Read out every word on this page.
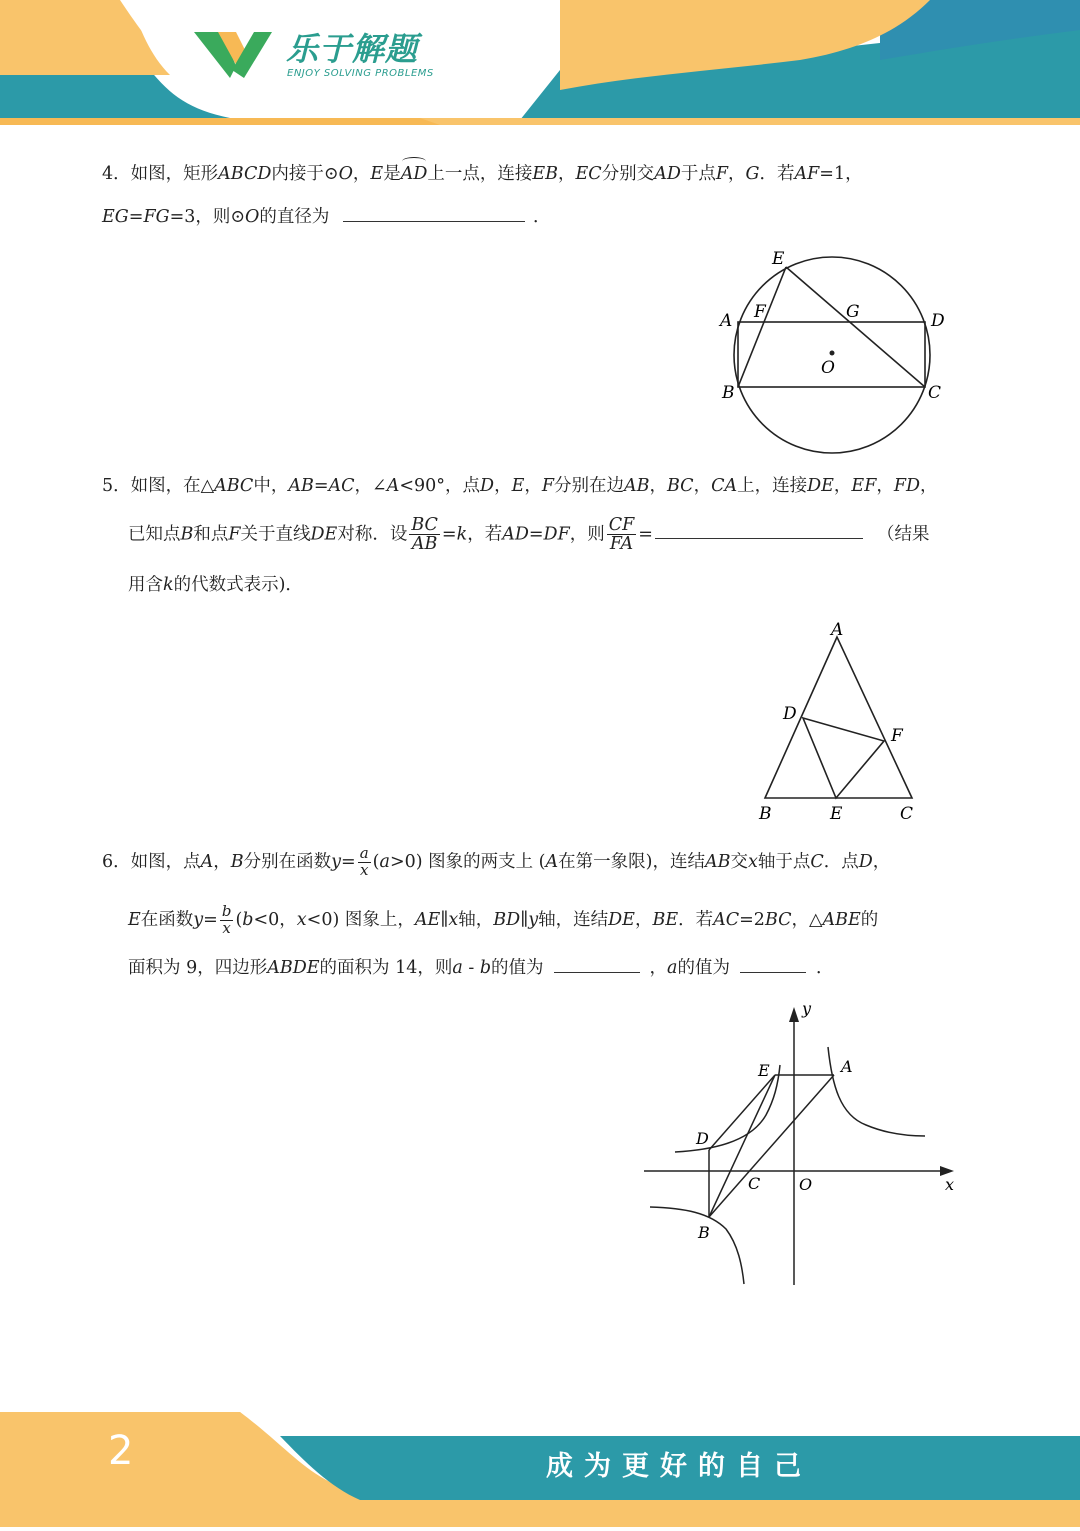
乐于解题
ENJOY SOLVING PROBLEMS
4．如图，矩形ABCD内接于⊙O，E是
AD上一点，连接EB，EC分别交AD于点F，G．若AF=1，
EG=FG=3，则⊙O的直径为	．
E
A F	G	D
O
B	C
5．如图，在△ABC中，AB=AC，∠A<90°，点D，E，F分别在边AB，BC，CA上，连接DE，EF，FD，
已知点B和点F关于直线DE对称．设 $\frac{BC}{AB} =k$，若AD=DF，则 $\frac{CF}{FA}$ =	（结果
用含k的代数式表示)．
A
D
F
B	E	C
6．如图，点A，B分别在函数$y= \frac{a}{x} (a>0)$ 图象的两支上 (A在第一象限)，连结AB交x轴于点C．点D，
E在函数$y= \frac{b}{x} (b<0$，x<0) 图象上，AE∥x轴，BD∥y轴，连结DE，BE．若AC=2BC，△ABE的
面积为 9，四边形ABDE的面积为 14，则a - b的值为	，a的值为	．
y
E	A
D
C O	x
B
2	成为更好的自己
